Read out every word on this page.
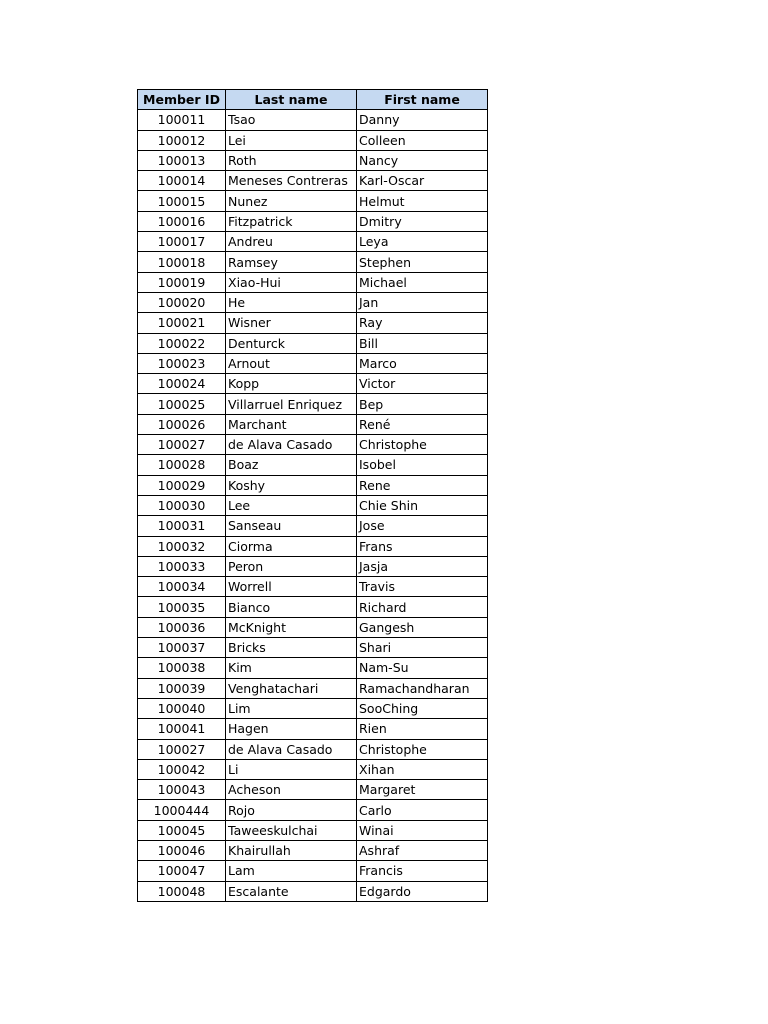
Member ID	Last name	First name
100011	Tsao	Danny
100012	Lei	Colleen
100013	Roth	Nancy
100014	Meneses Contreras	Karl-Oscar
100015	Nunez	Helmut
100016	Fitzpatrick	Dmitry
100017	Andreu	Leya
100018	Ramsey	Stephen
100019	Xiao-Hui	Michael
100020	He	Jan
100021	Wisner	Ray
100022	Denturck	Bill
100023	Arnout	Marco
100024	Kopp	Victor
100025	Villarruel Enriquez	Bep
100026	Marchant	René
100027	de Alava Casado	Christophe
100028	Boaz	Isobel
100029	Koshy	Rene
100030	Lee	Chie Shin
100031	Sanseau	Jose
100032	Ciorma	Frans
100033	Peron	Jasja
100034	Worrell	Travis
100035	Bianco	Richard
100036	McKnight	Gangesh
100037	Bricks	Shari
100038	Kim	Nam-Su
100039	Venghatachari	Ramachandharan
100040	Lim	SooChing
100041	Hagen	Rien
100027	de Alava Casado	Christophe
100042	Li	Xihan
100043	Acheson	Margaret
1000444	Rojo	Carlo
100045	Taweeskulchai	Winai
100046	Khairullah	Ashraf
100047	Lam	Francis
100048	Escalante	Edgardo
